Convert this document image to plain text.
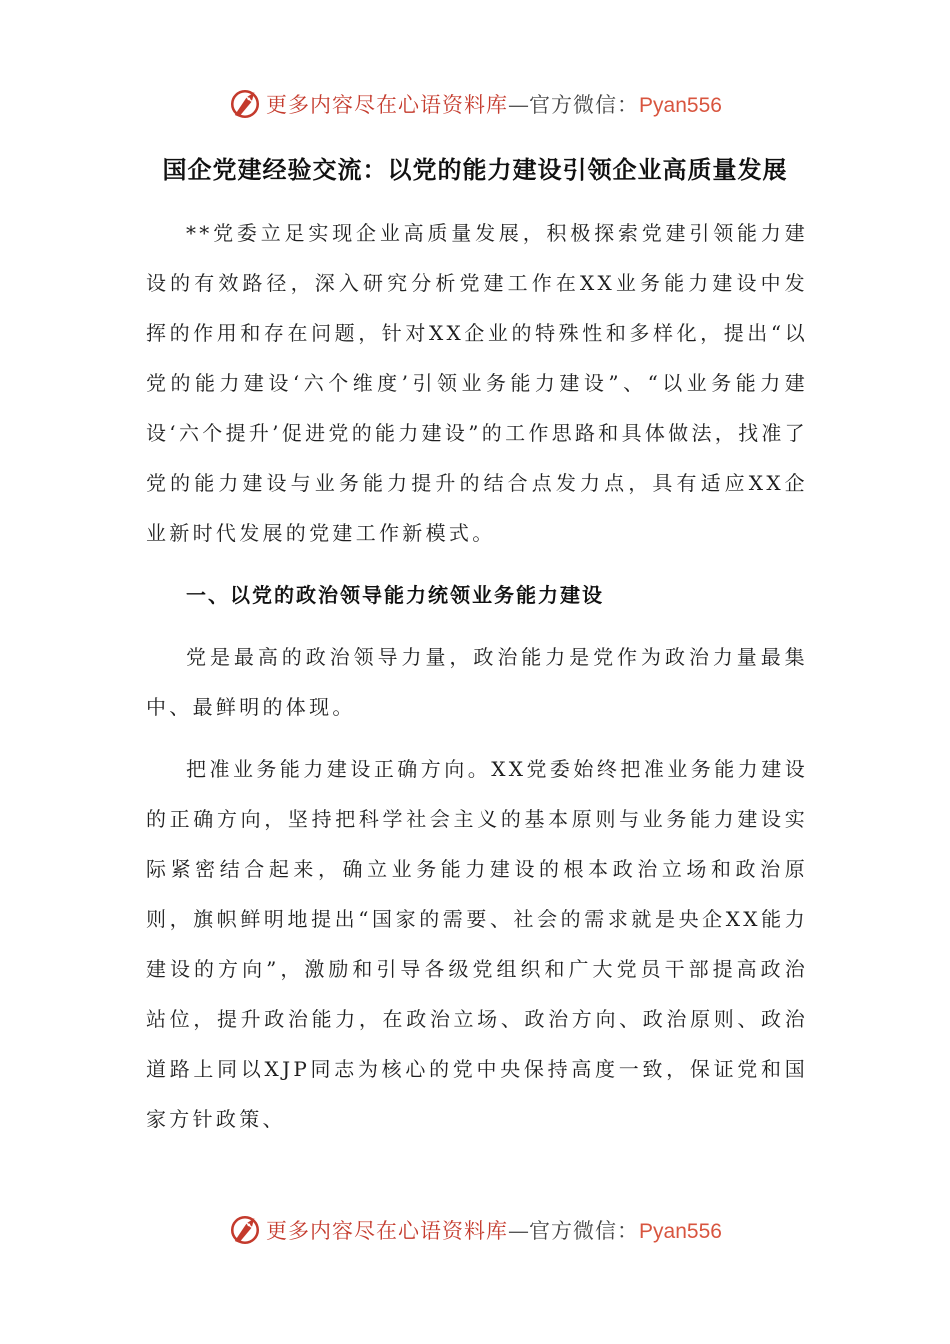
更多内容尽在心语资料库—官方微信：Pyan556
国企党建经验交流：以党的能力建设引领企业高质量发展

**党委立足实现企业高质量发展，积极探索党建引领能力建设的有效路径，深入研究分析党建工作在XX业务能力建设中发挥的作用和存在问题，针对XX企业的特殊性和多样化，提出“以党的能力建设‘六个维度’引领业务能力建设”、“以业务能力建设‘六个提升’促进党的能力建设”的工作思路和具体做法，找准了党的能力建设与业务能力提升的结合点发力点，具有适应XX企业新时代发展的党建工作新模式。

一、以党的政治领导能力统领业务能力建设

党是最高的政治领导力量，政治能力是党作为政治力量最集中、最鲜明的体现。

把准业务能力建设正确方向。XX党委始终把准业务能力建设的正确方向，坚持把科学社会主义的基本原则与业务能力建设实际紧密结合起来，确立业务能力建设的根本政治立场和政治原则，旗帜鲜明地提出“国家的需要、社会的需求就是央企XX能力建设的方向”，激励和引导各级党组织和广大党员干部提高政治站位，提升政治能力，在政治立场、政治方向、政治原则、政治道路上同以XJP同志为核心的党中央保持高度一致，保证党和国家方针政策、

更多内容尽在心语资料库—官方微信：Pyan556
